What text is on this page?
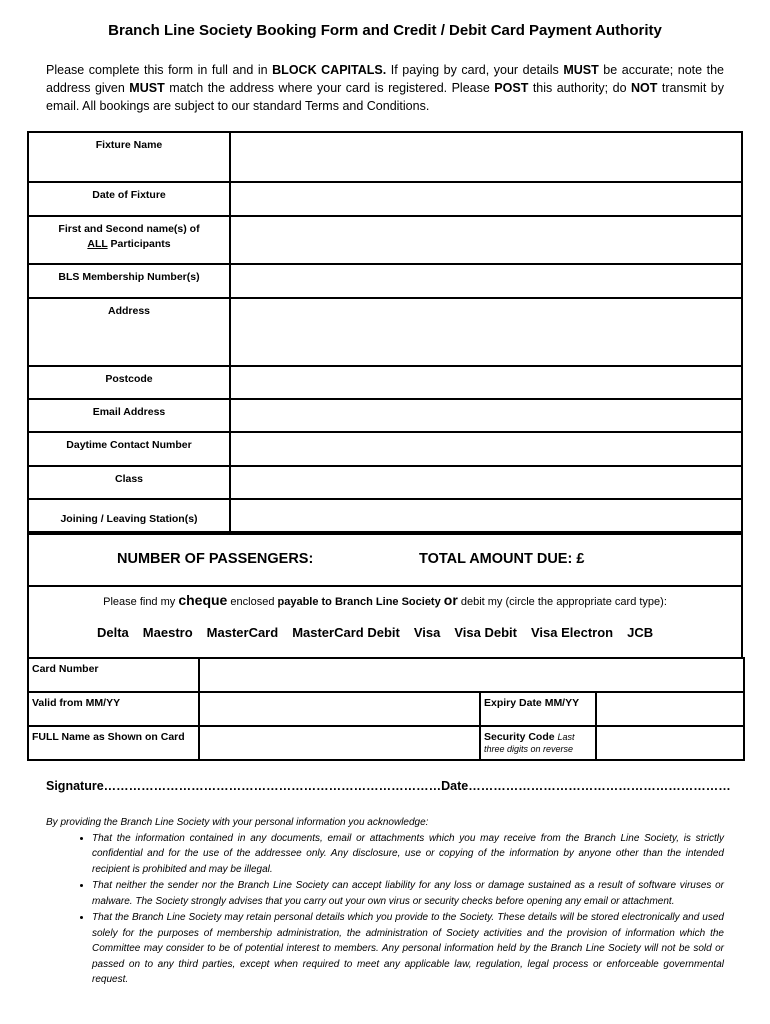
Branch Line Society Booking Form and Credit / Debit Card Payment Authority
Please complete this form in full and in BLOCK CAPITALS. If paying by card, your details MUST be accurate; note the address given MUST match the address where your card is registered. Please POST this authority; do NOT transmit by email. All bookings are subject to our standard Terms and Conditions.
Fixture Name	
Date of Fixture	
First and Second name(s) of
ALL Participants	
BLS Membership Number(s)	
Address	
Postcode	
Email Address	
Daytime Contact Number	
Class	
Joining / Leaving Station(s)	
NUMBER OF PASSENGERS:	TOTAL AMOUNT DUE: £

Please find my cheque enclosed payable to Branch Line Society or debit my (circle the appropriate card type):
Delta Maestro MasterCard MasterCard Debit Visa Visa Debit Visa Electron JCB
Card Number			
Valid from MM/YY		Expiry Date MM/YY	
FULL Name as Shown on Card		Security Code Last
three digits on reverse	
Signature………………………………………………………………………Date………………………………………………………
By providing the Branch Line Society with your personal information you acknowledge:
• That the information contained in any documents, email or attachments which you may receive from the Branch Line Society, is strictly confidential and for the use of the addressee only. Any disclosure, use or copying of the information by anyone other than the intended recipient is prohibited and may be illegal.
• That neither the sender nor the Branch Line Society can accept liability for any loss or damage sustained as a result of software viruses or malware. The Society strongly advises that you carry out your own virus or security checks before opening any email or attachment.
• That the Branch Line Society may retain personal details which you provide to the Society. These details will be stored electronically and used solely for the purposes of membership administration, the administration of Society activities and the provision of information which the Committee may consider to be of potential interest to members. Any personal information held by the Branch Line Society will not be sold or passed on to any third parties, except when required to meet any applicable law, regulation, legal process or enforceable governmental request.
